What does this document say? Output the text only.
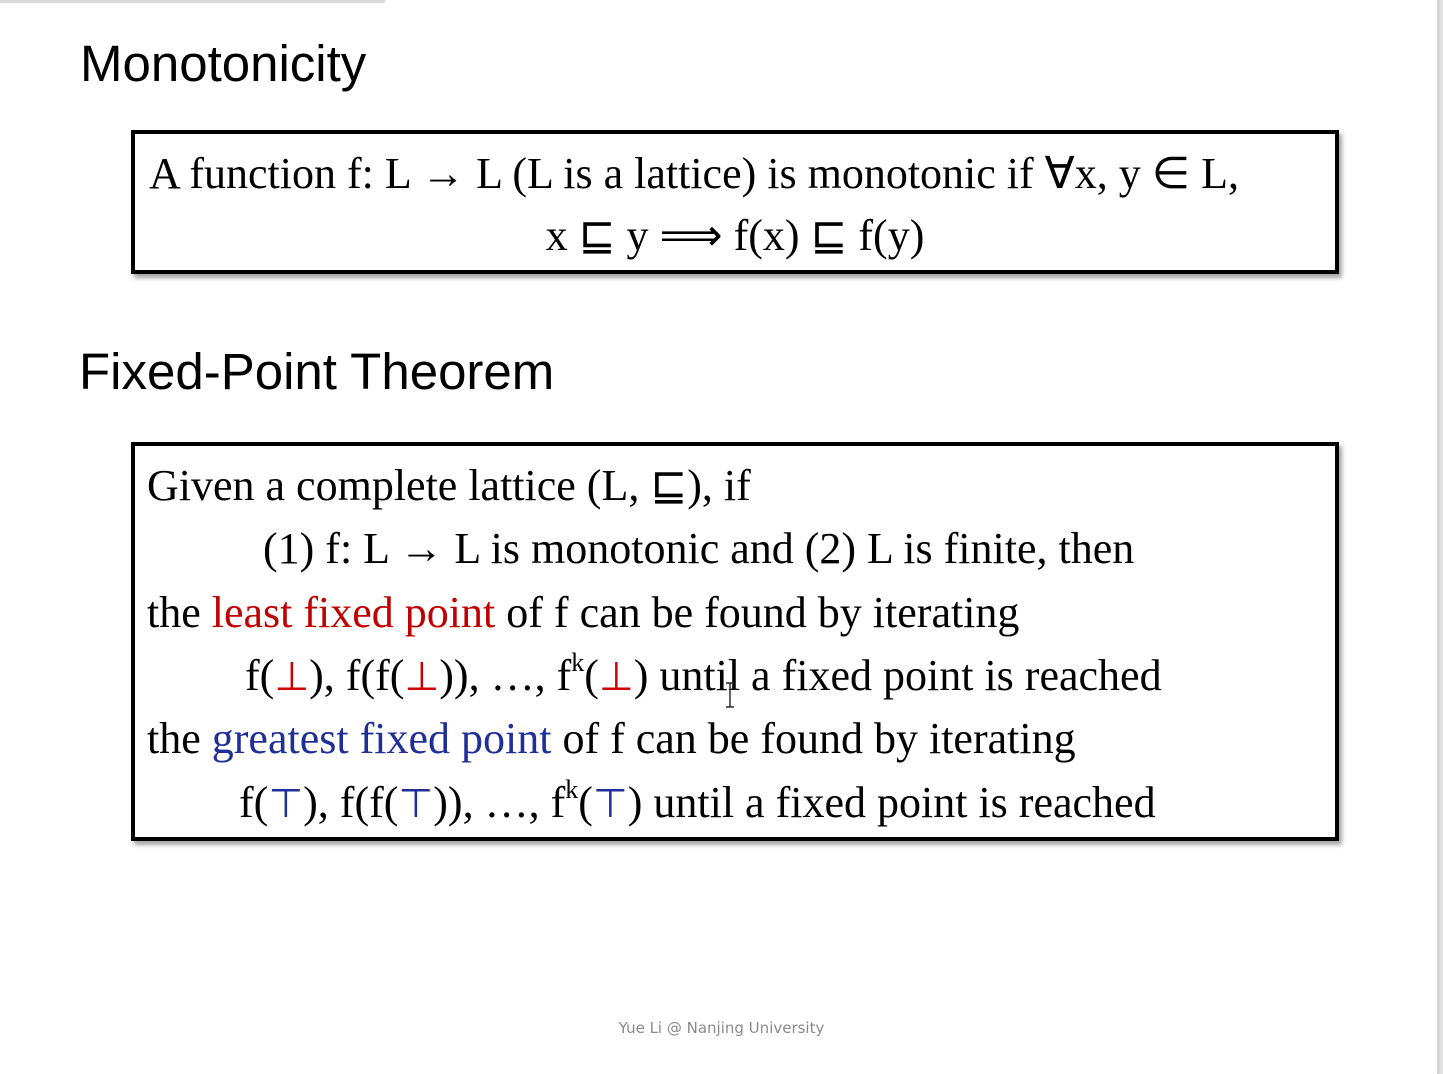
Monotonicity
A function f: L → L (L is a lattice) is monotonic if ∀x, y ∈ L,
x ⊑ y ⟹ f(x) ⊑ f(y)
Fixed-Point Theorem
Given a complete lattice (L, ⊑), if
(1) f: L → L is monotonic and (2) L is finite, then
the least fixed point of f can be found by iterating
f(⊥), f(f(⊥)), …, $f^k(\perp)$ until a fixed point is reached
the greatest fixed point of f can be found by iterating
f(⊤), f(f(⊤)), …, $f^k(⊤)$ until a fixed point is reached
Yue Li @ Nanjing University
